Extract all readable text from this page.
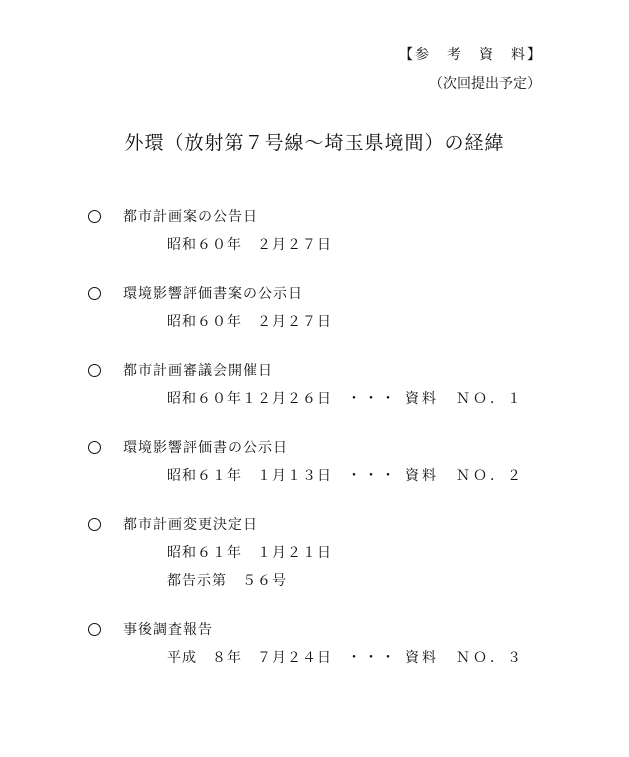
【参　考　資　料】
（次回提出予定）
外環（放射第７号線～埼玉県境間）の経緯
都市計画案の公告日
昭和６０年　２月２７日
環境影響評価書案の公示日
昭和６０年　２月２７日
都市計画審議会開催日
昭和６０年１２月２６日	・・・ 資料　ＮＯ．１
環境影響評価書の公示日
昭和６１年　１月１３日	・・・ 資料　ＮＯ．２
都市計画変更決定日
昭和６１年　１月２１日
都告示第　５６号
事後調査報告
平成　８年　７月２４日	・・・ 資料　ＮＯ．３
